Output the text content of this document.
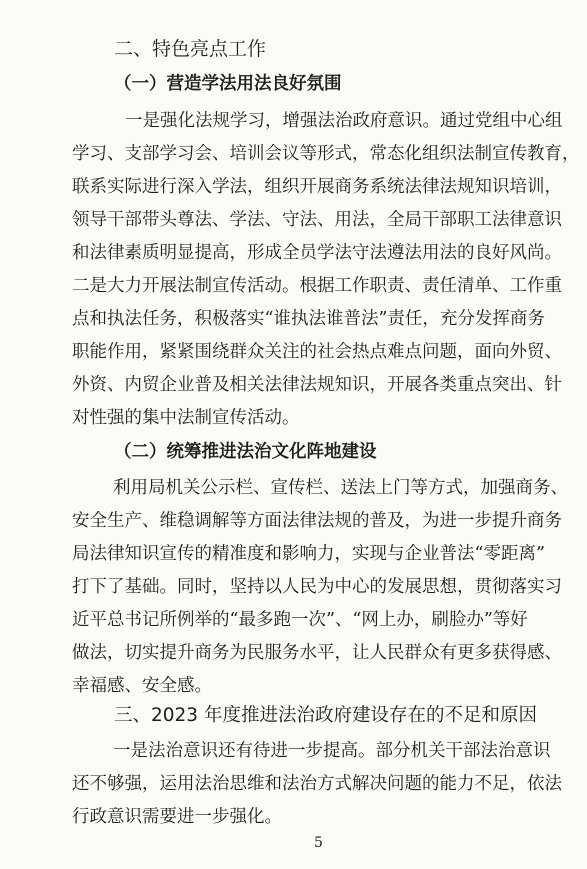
二、特色亮点工作

（一）营造学法用法良好氛围

一是强化法规学习，增强法治政府意识。通过党组中心组

学习、支部学习会、培训会议等形式，常态化组织法制宣传教育，

联系实际进行深入学法，组织开展商务系统法律法规知识培训，

领导干部带头尊法、学法、守法、用法，全局干部职工法律意识

和法律素质明显提高，形成全员学法守法遵法用法的良好风尚。

二是大力开展法制宣传活动。根据工作职责、责任清单、工作重

点和执法任务，积极落实“谁执法谁普法”责任，充分发挥商务

职能作用，紧紧围绕群众关注的社会热点难点问题，面向外贸、

外资、内贸企业普及相关法律法规知识，开展各类重点突出、针

对性强的集中法制宣传活动。

（二）统筹推进法治文化阵地建设

利用局机关公示栏、宣传栏、送法上门等方式，加强商务、

安全生产、维稳调解等方面法律法规的普及，为进一步提升商务

局法律知识宣传的精准度和影响力，实现与企业普法“零距离”

打下了基础。同时，坚持以人民为中心的发展思想，贯彻落实习

近平总书记所例举的“最多跑一次”、“网上办，刷脸办”等好

做法，切实提升商务为民服务水平，让人民群众有更多获得感、

幸福感、安全感。

三、2023 年度推进法治政府建设存在的不足和原因

一是法治意识还有待进一步提高。部分机关干部法治意识

还不够强，运用法治思维和法治方式解决问题的能力不足，依法

行政意识需要进一步强化。

5
